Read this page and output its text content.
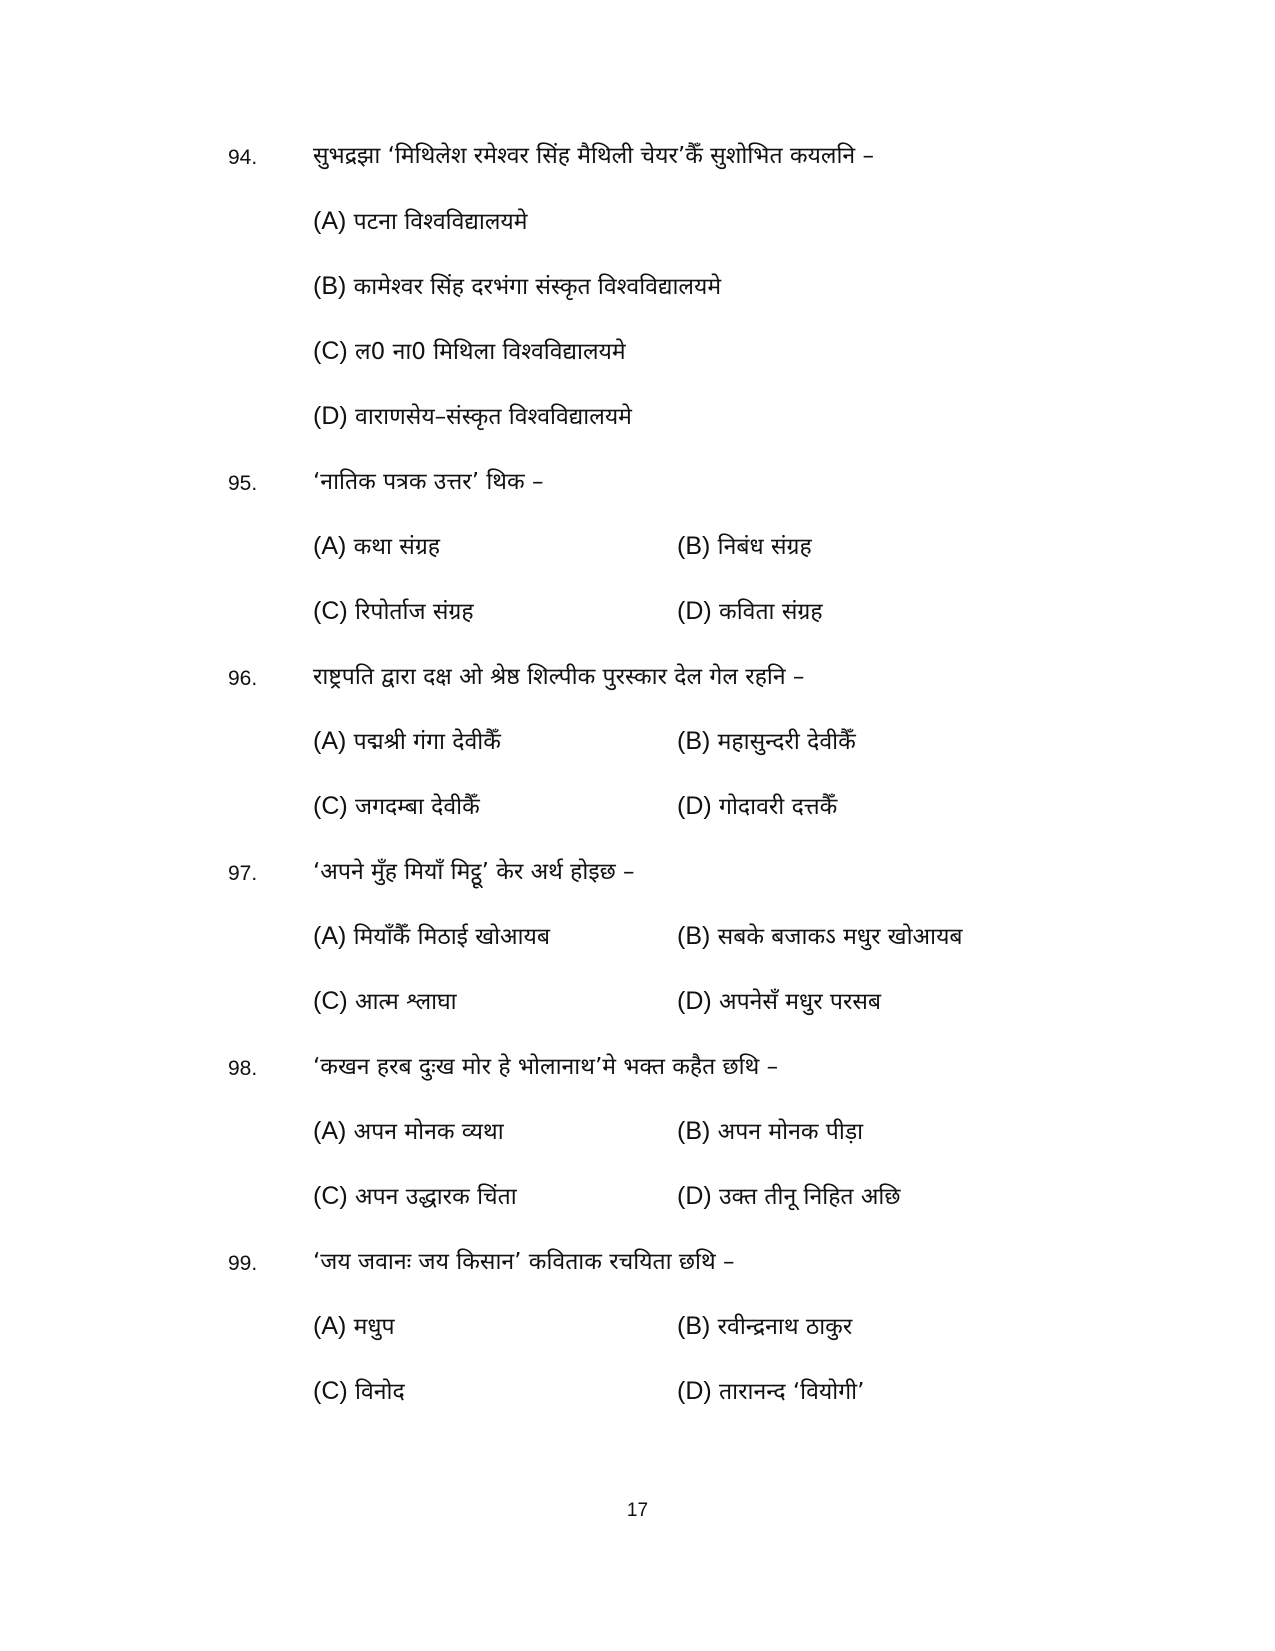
94. सुभद्रझा ‘मिथिलेश रमेश्वर सिंह मैथिली चेयर’कैँ सुशोभित कयलनि –
(A) पटना विश्वविद्यालयमे
(B) कामेश्वर सिंह दरभंगा संस्कृत विश्वविद्यालयमे
(C) ल0 ना0 मिथिला विश्वविद्यालयमे
(D) वाराणसेय–संस्कृत विश्वविद्यालयमे
95. ‘नातिक पत्रक उत्तर’ थिक –
(A) कथा संग्रह	(B) निबंध संग्रह
(C) रिपोर्ताज संग्रह	(D) कविता संग्रह
96. राष्ट्रपति द्वारा दक्ष ओ श्रेष्ठ शिल्पीक पुरस्कार देल गेल रहनि –
(A) पद्मश्री गंगा देवीकैँ	(B) महासुन्दरी देवीकैँ
(C) जगदम्बा देवीकैँ	(D) गोदावरी दत्तकैँ
97. ‘अपने मुँह मियाँ मिट्ठू’ केर अर्थ होइछ –
(A) मियाँकैँ मिठाई खोआयब	(B) सबके बजाकऽ मधुर खोआयब
(C) आत्म श्लाघा	(D) अपनेसँ मधुर परसब
98. ‘कखन हरब दुःख मोर हे भोलानाथ’मे भक्त कहैत छथि –
(A) अपन मोनक व्यथा	(B) अपन मोनक पीड़ा
(C) अपन उद्धारक चिंता	(D) उक्त तीनू निहित अछि
99. ‘जय जवानः जय किसान’ कविताक रचयिता छथि –
(A) मधुप	(B) रवीन्द्रनाथ ठाकुर
(C) विनोद	(D) तारानन्द ‘वियोगी’
17
